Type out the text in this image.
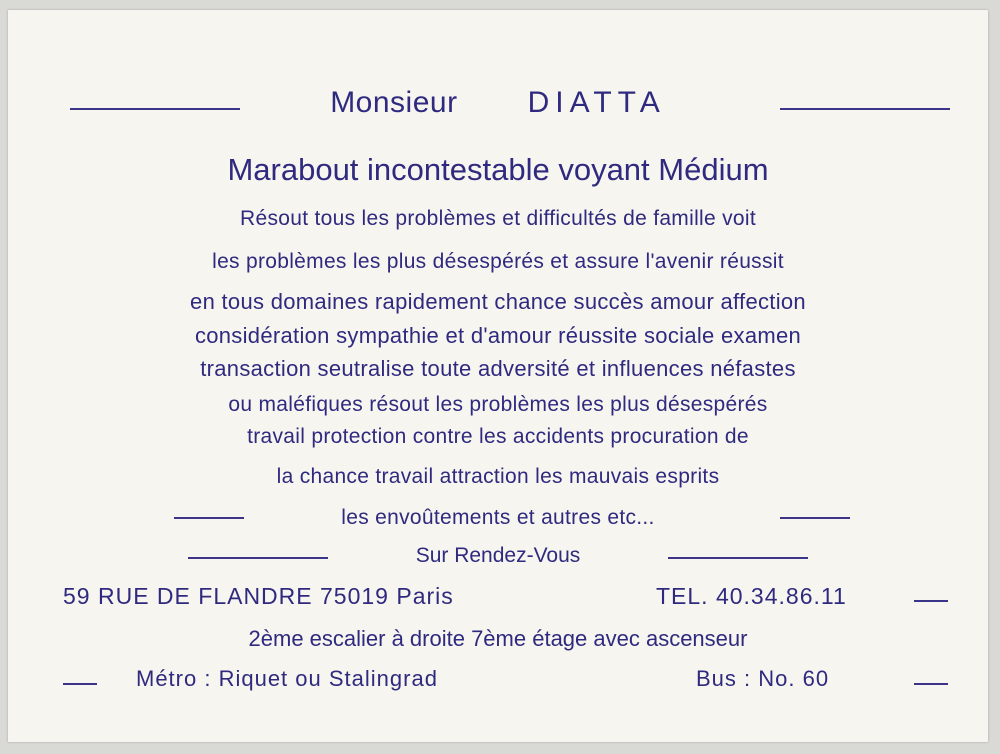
Monsieur DIATTA
Marabout incontestable voyant Médium
Résout tous les problèmes et difficultés de famille voit
les problèmes les plus désespérés et assure l'avenir réussit
en tous domaines rapidement chance succès amour affection
considération sympathie et d'amour réussite sociale examen
transaction seutralise toute adversité et influences néfastes
ou maléfiques résout les problèmes les plus désespérés
travail protection contre les accidents procuration de
la chance travail attraction les mauvais esprits
les envoûtements et autres etc...
Sur Rendez-Vous
59 RUE DE FLANDRE 75019 Paris	TEL. 40.34.86.11
2ème escalier à droite 7ème étage avec ascenseur
Métro : Riquet ou Stalingrad	Bus : No. 60
